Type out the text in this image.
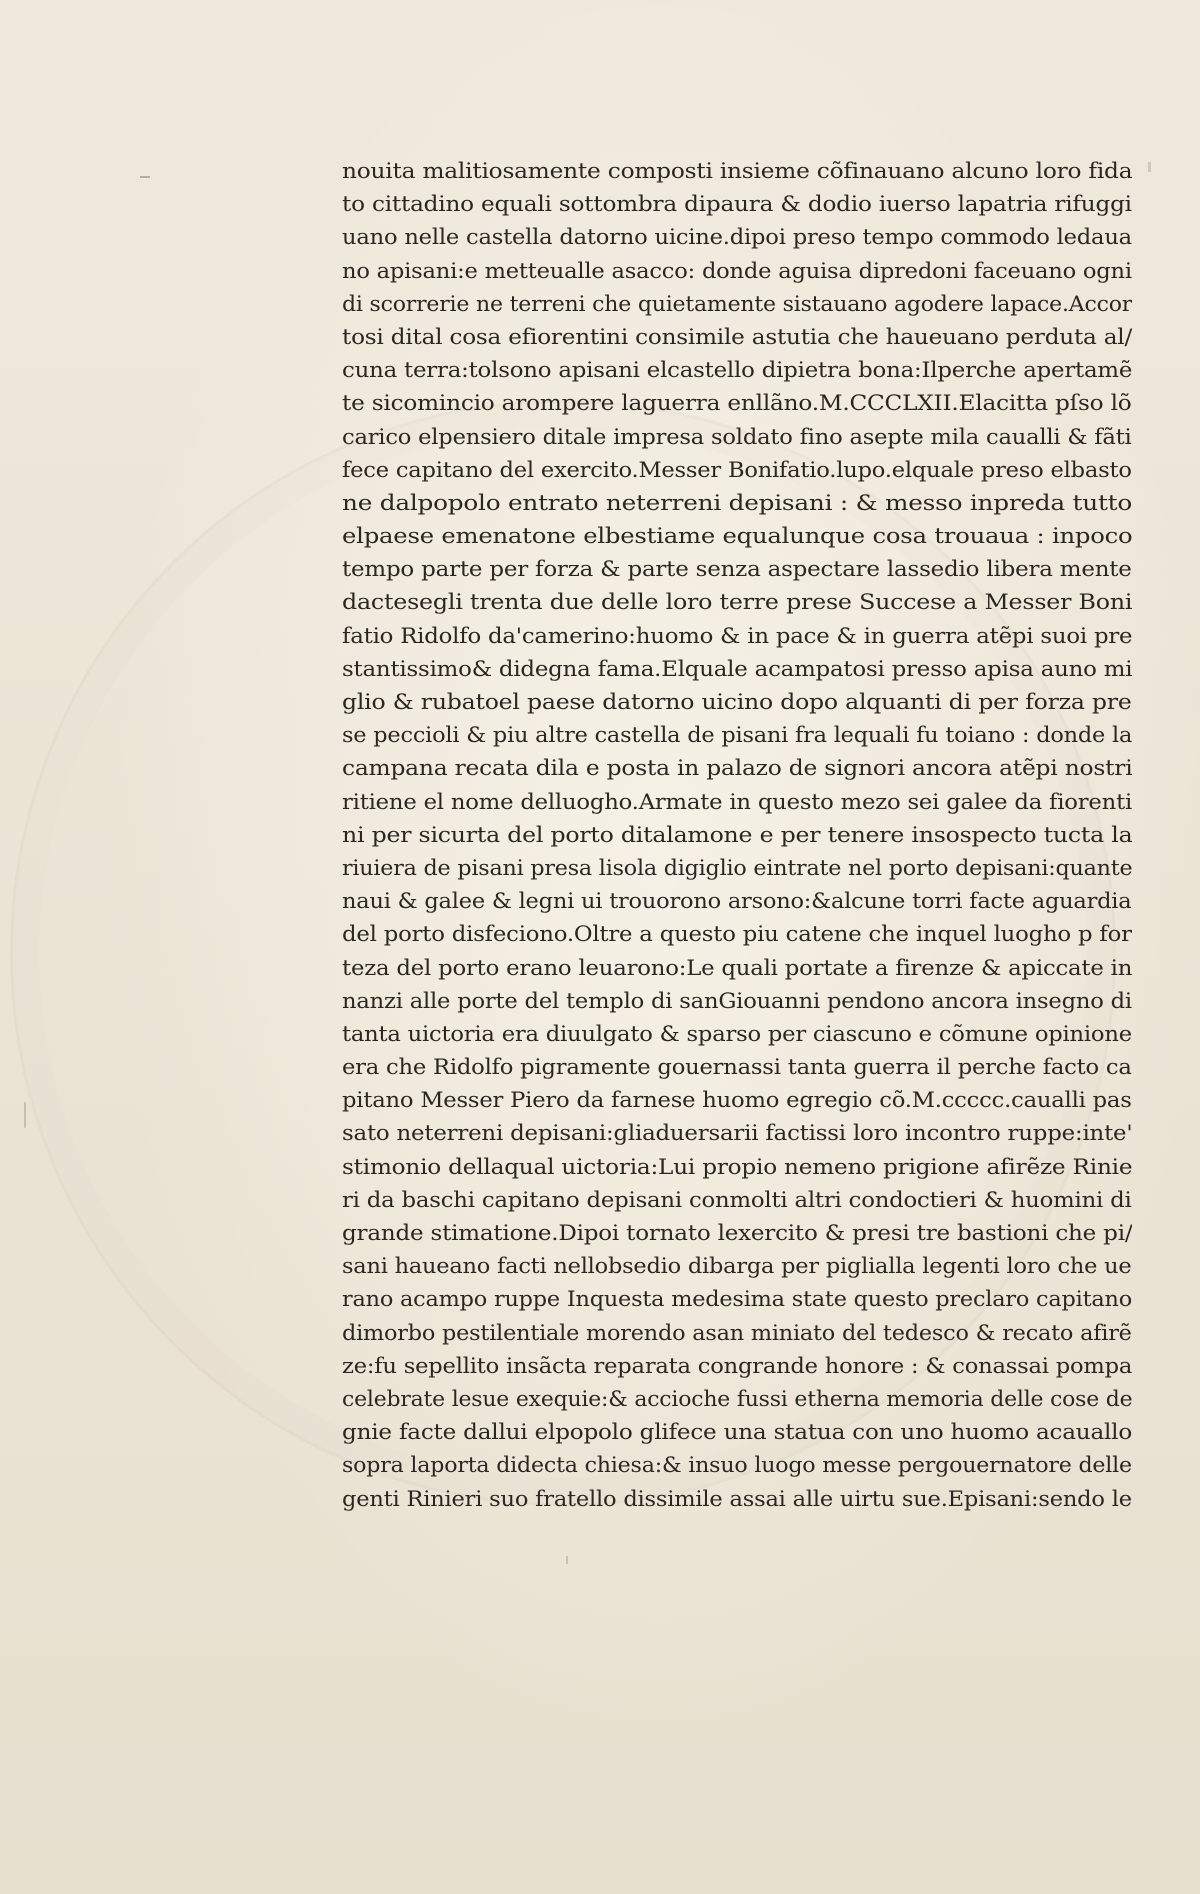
nouita malitiosamente composti insieme cõfinauano alcuno loro fida
to cittadino equali sottombra dipaura & dodio iuerso lapatria rifuggi
uano nelle castella datorno uicine.dipoi preso tempo commodo ledaua
no apisani:e metteualle asacco: donde aguisa dipredoni faceuano ogni
di scorrerie ne terreni che quietamente sistauano agodere lapace.Accor
tosi dital cosa efiorentini consimile astutia che haueuano perduta al/
cuna terra:tolsono apisani elcastello dipietra bona:Ilperche apertamẽ
te sicomincio arompere laguerra enllãno.M.CCCLXII.Elacitta pſso lõ
carico elpensiero ditale impresa soldato fino asepte mila caualli & fãti
fece capitano del exercito.Messer Bonifatio.lupo.elquale preso elbasto
ne dalpopolo entrato neterreni depisani : & messo inpreda tutto
elpaese emenatone elbestiame equalunque cosa trouaua : inpoco
tempo parte per forza & parte senza aspectare lassedio libera mente
dactesegli trenta due delle loro terre prese Succese a Messer Boni
fatio Ridolfo da'camerino:huomo & in pace & in guerra atẽpi suoi pre
stantissimo& didegna fama.Elquale acampatosi presso apisa auno mi
glio & rubatoel paese datorno uicino dopo alquanti di per forza pre
se peccioli & piu altre castella de pisani fra lequali fu toiano : donde la
campana recata dila e posta in palazo de signori ancora atẽpi nostri
ritiene el nome delluogho.Armate in questo mezo sei galee da fiorenti
ni per sicurta del porto ditalamone e per tenere insospecto tucta la
riuiera de pisani presa lisola digiglio eintrate nel porto depisani:quante
naui & galee & legni ui trouorono arsono:&alcune torri facte aguardia
del porto disfeciono.Oltre a questo piu catene che inquel luogho p for
teza del porto erano leuarono:Le quali portate a firenze & apiccate in
nanzi alle porte del templo di sanGiouanni pendono ancora insegno di
tanta uictoria era diuulgato & sparso per ciascuno e cõmune opinione
era che Ridolfo pigramente gouernassi tanta guerra il perche facto ca
pitano Messer Piero da farnese huomo egregio cõ.M.ccccc.caualli pas
sato neterreni depisani:gliaduersarii factissi loro incontro ruppe:inte'
stimonio dellaqual uictoria:Lui propio nemeno prigione afirẽze Rinie
ri da baschi capitano depisani conmolti altri condoctieri & huomini di
grande stimatione.Dipoi tornato lexercito & presi tre bastioni che pi/
sani haueano facti nellobsedio dibarga per piglialla legenti loro che ue
rano acampo ruppe Inquesta medesima state questo preclaro capitano
dimorbo pestilentiale morendo asan miniato del tedesco & recato afirẽ
ze:fu sepellito insãcta reparata congrande honore : & conassai pompa
celebrate lesue exequie:& accioche fussi etherna memoria delle cose de
gnie facte dallui elpopolo glifece una statua con uno huomo acauallo
sopra laporta didecta chiesa:& insuo luogo messe pergouernatore delle
genti Rinieri suo fratello dissimile assai alle uirtu sue.Episani:sendo le
